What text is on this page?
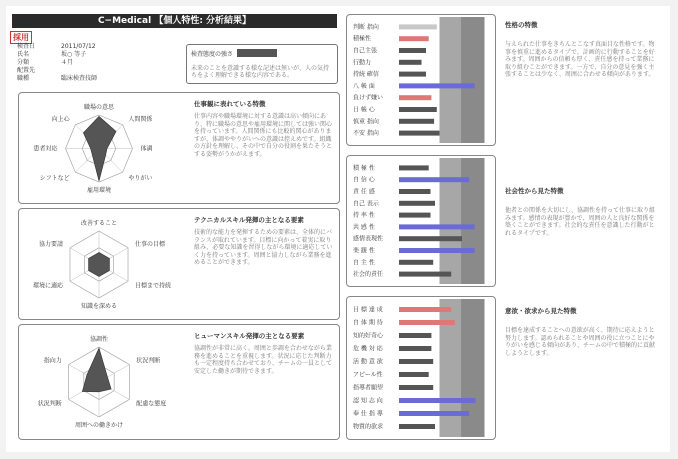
C−Medical 【個人特性: 分析結果】
採用
検査日	2011/07/12
氏名	坂○ 等子
分類	４月
配置先
職種	臨床検査技師
検査態度の強さ
未来のことを意識する様な記述は無いが、人の気持ちをよく理解できる様な内容である。
職場の意思
人間関係
体調
やりがい
雇用環境
シフトなど
患者対応
向上心
仕事観に表れている特徴
仕事内容や職場環境に対する意識は高い傾向にあり、特に職場の意思や雇用環境に関しては強い関心を持っています。人間関係にも比較的関心がありますが、体調ややりがいへの意識は控えめです。組織の方針を理解し、その中で自分の役割を果たそうとする姿勢がうかがえます。
改善すること
仕事の目標
目標まで持続
知識を深める
環境に適応
協力要請
テクニカルスキル発揮の主となる要素
技術的な能力を発揮するための要素は、全体的にバランスが取れています。目標に向かって着実に取り組み、必要な知識を習得しながら環境に適応していく力を持っています。周囲と協力しながら業務を進めることができます。
協調性
状況判断
配慮な態度
周囲への働きかけ
状況判断
指向力
ヒューマンスキル発揮の主となる要素
協調性が非常に高く、周囲と歩調を合わせながら業務を進めることを重視します。状況に応じた判断力も一定程度持ち合わせており、チームの一員として安定した働きが期待できます。
判断 指向
積極性
自己主張
行動力
持続 確信
八 帳 面
負けず嫌い
日 帳 心
慎重 指向
不安 指向
積 極 性
自 信 心
責 任 感
自己 表示
持 率 性
共 感 性
感情表現性
楽 観 性
自 主 性
社会的責任
目 標 達 成
自 体 期 待
知的好奇心
危 機 対 応
活 動 意 欲
アピール性
指導者願望
認 知 志 向
奉 仕 指 導
物質的欲求
性格の特徴
与えられた仕事をきちんとこなす真面目な性格です。物事を慎重に進めるタイプで、計画的に行動することを好みます。周囲からの信頼も厚く、責任感を持って業務に取り組むことができます。一方で、自分の意見を強く主張することは少なく、周囲に合わせる傾向があります。
社会性から見た特徴
他者との関係を大切にし、協調性を持って仕事に取り組みます。感情の表現が豊かで、周囲の人と良好な関係を築くことができます。社会的な責任を意識した行動がとれるタイプです。
意欲・欲求から見た特徴
目標を達成することへの意欲が高く、期待に応えようと努力します。認められることや周囲の役に立つことにやりがいを感じる傾向があり、チームの中で積極的に貢献しようとします。
